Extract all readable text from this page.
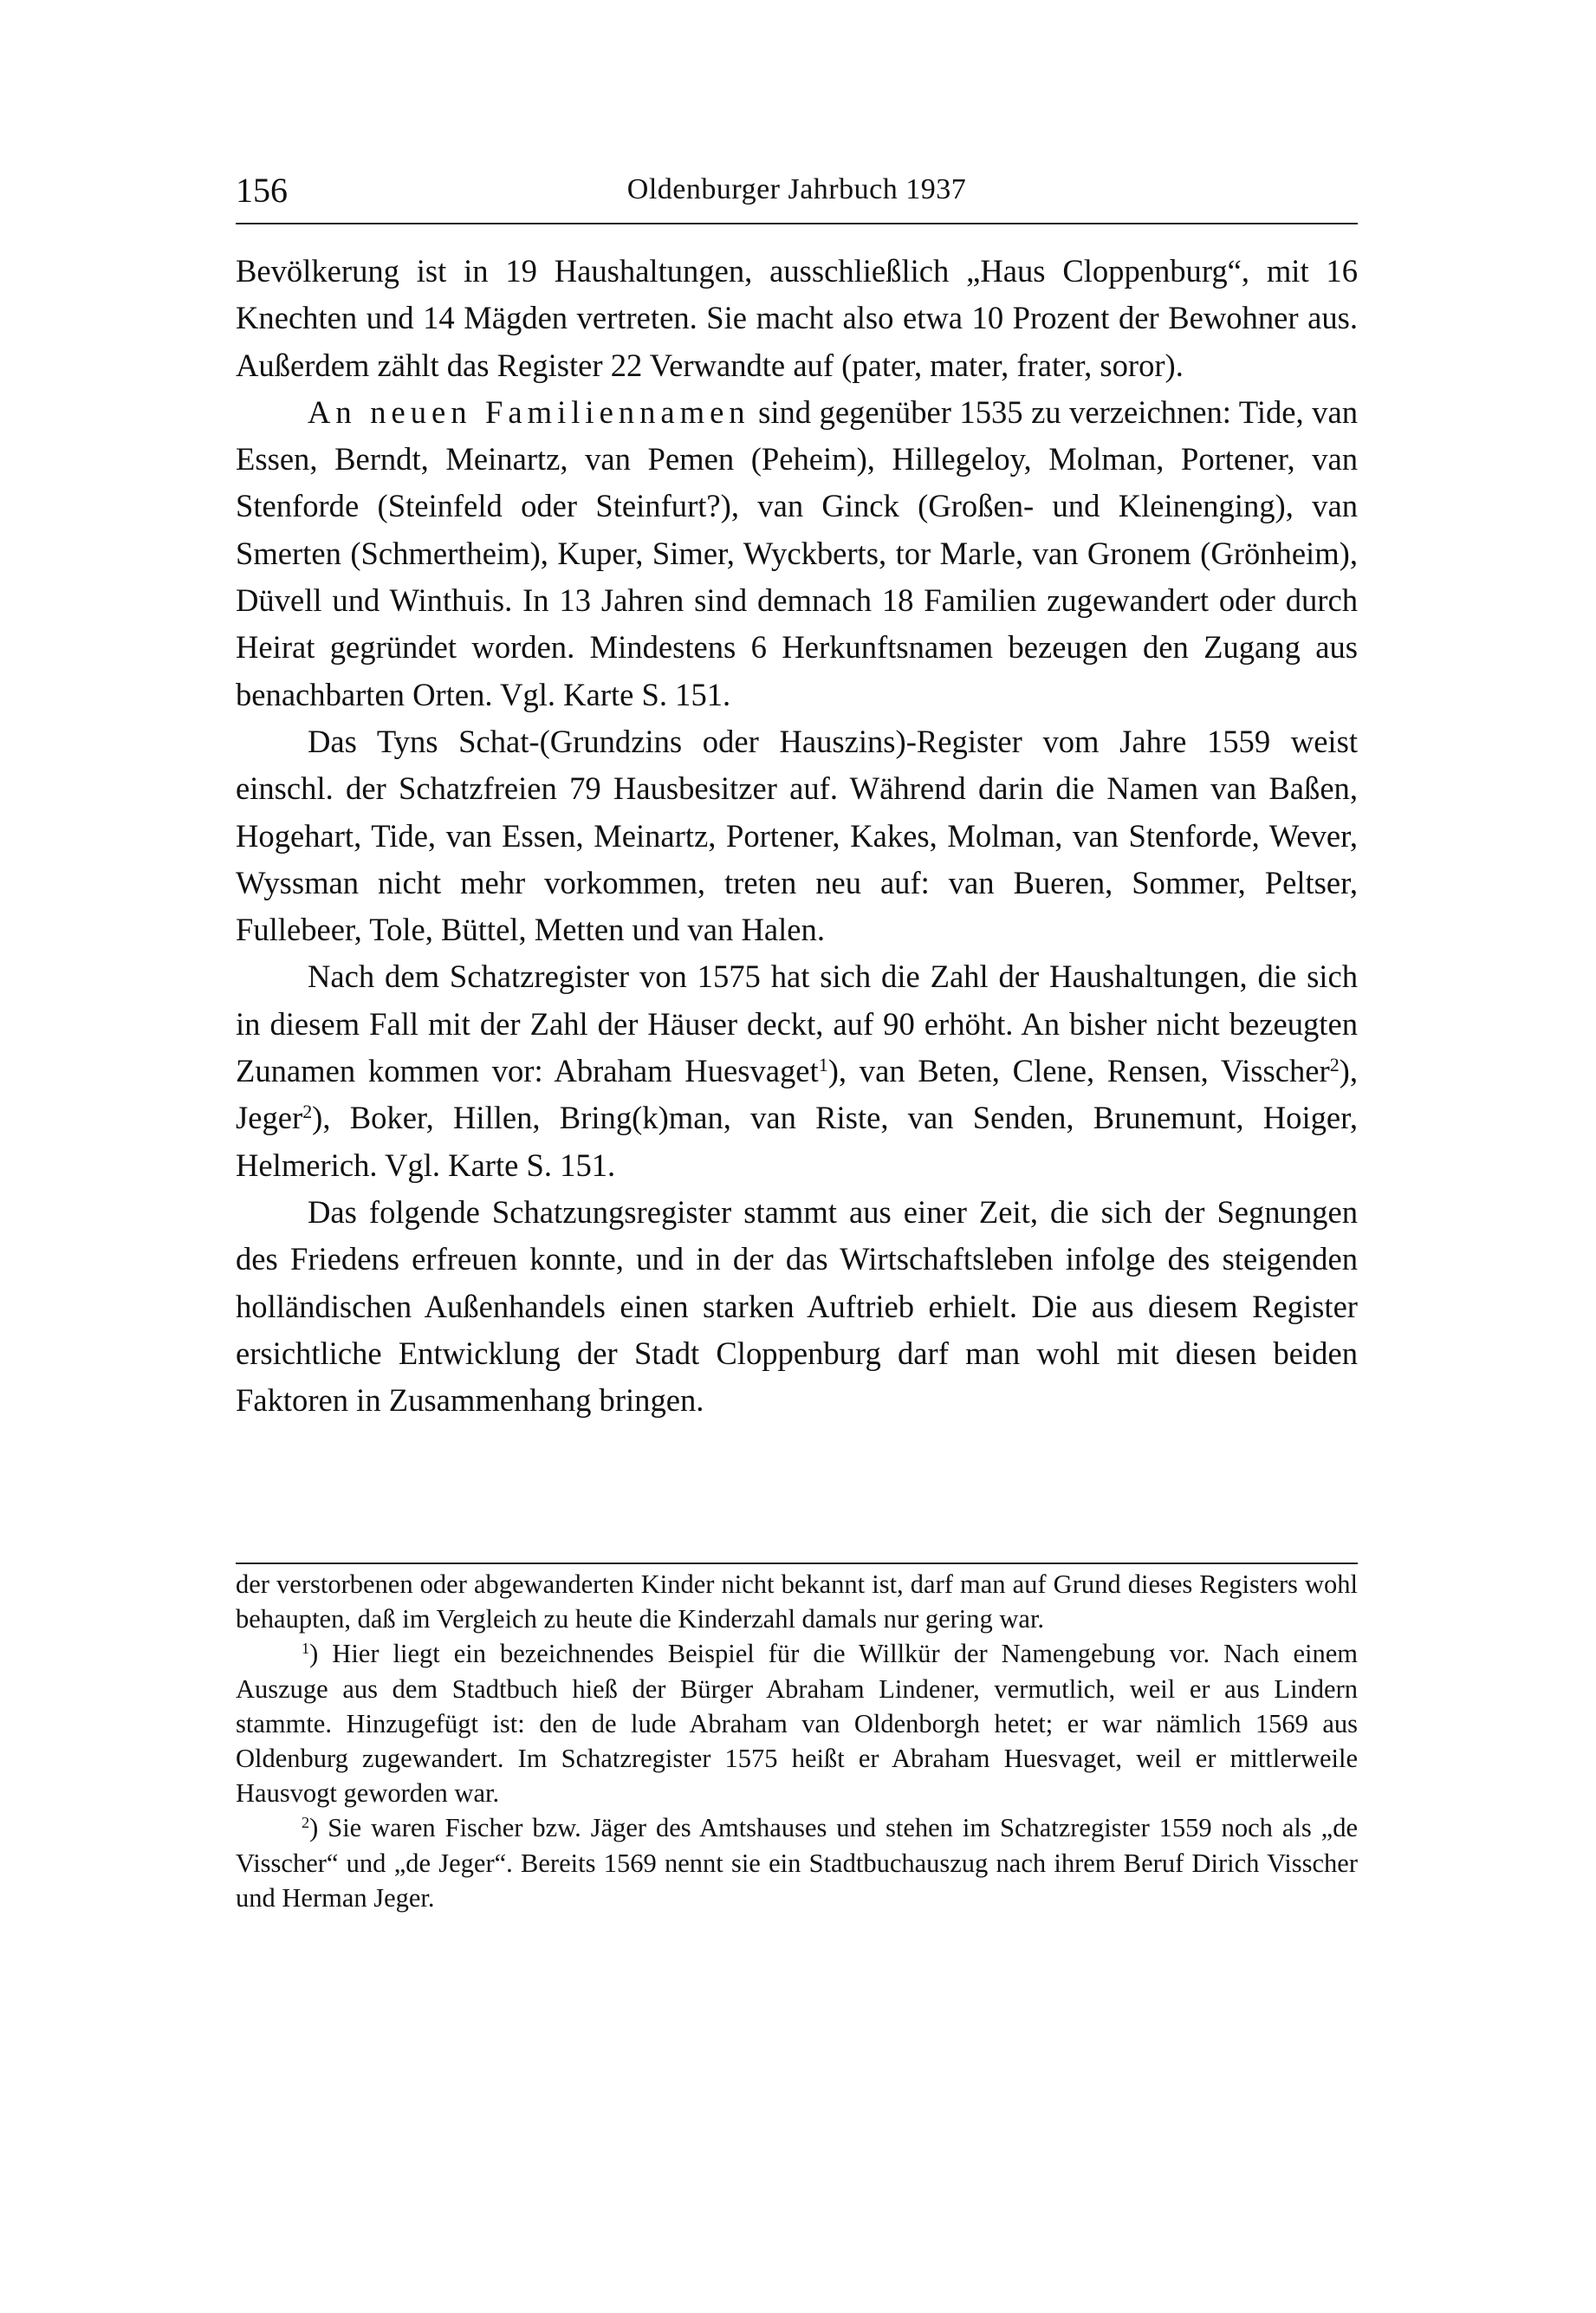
156	Oldenburger Jahrbuch 1937

Bevölkerung ist in 19 Haushaltungen, ausschließlich „Haus Cloppenburg“, mit 16 Knechten und 14 Mägden vertreten. Sie macht also etwa 10 Prozent der Bewohner aus. Außerdem zählt das Register 22 Verwandte auf (pater, mater, frater, soror).

An neuen Familiennamen sind gegenüber 1535 zu verzeichnen: Tide, van Essen, Berndt, Meinartz, van Pemen (Peheim), Hillegeloy, Molman, Portener, van Stenforde (Steinfeld oder Steinfurt?), van Ginck (Großen- und Kleinenging), van Smerten (Schmertheim), Kuper, Simer, Wyckberts, tor Marle, van Gronem (Grönheim), Düvell und Winthuis. In 13 Jahren sind demnach 18 Familien zugewandert oder durch Heirat gegründet worden. Mindestens 6 Herkunftsnamen bezeugen den Zugang aus benachbarten Orten. Vgl. Karte S. 151.

Das Tyns Schat-(Grundzins oder Hauszins)-Register vom Jahre 1559 weist einschl. der Schatzfreien 79 Hausbesitzer auf. Während darin die Namen van Baßen, Hogehart, Tide, van Essen, Meinartz, Portener, Kakes, Molman, van Stenforde, Wever, Wyssman nicht mehr vorkommen, treten neu auf: van Bueren, Sommer, Peltser, Fullebeer, Tole, Büttel, Metten und van Halen.

Nach dem Schatzregister von 1575 hat sich die Zahl der Haushaltungen, die sich in diesem Fall mit der Zahl der Häuser deckt, auf 90 erhöht. An bisher nicht bezeugten Zunamen kommen vor: Abraham Huesvaget$^1$), van Beten, Clene, Rensen, Visscher$^2$), Jeger$^2$), Boker, Hillen, Bring(k)man, van Riste, van Senden, Brunemunt, Hoiger, Helmerich. Vgl. Karte S. 151.

Das folgende Schatzungsregister stammt aus einer Zeit, die sich der Segnungen des Friedens erfreuen konnte, und in der das Wirtschaftsleben infolge des steigenden holländischen Außenhandels einen starken Auftrieb erhielt. Die aus diesem Register ersichtliche Entwicklung der Stadt Cloppenburg darf man wohl mit diesen beiden Faktoren in Zusammenhang bringen.

der verstorbenen oder abgewanderten Kinder nicht bekannt ist, darf man auf Grund dieses Registers wohl behaupten, daß im Vergleich zu heute die Kinderzahl damals nur gering war.

$^1$) Hier liegt ein bezeichnendes Beispiel für die Willkür der Namengebung vor. Nach einem Auszuge aus dem Stadtbuch hieß der Bürger Abraham Lindener, vermutlich, weil er aus Lindern stammte. Hinzugefügt ist: den de lude Abraham van Oldenborgh hetet; er war nämlich 1569 aus Oldenburg zugewandert. Im Schatzregister 1575 heißt er Abraham Huesvaget, weil er mittlerweile Hausvogt geworden war.

$^2$) Sie waren Fischer bzw. Jäger des Amtshauses und stehen im Schatzregister 1559 noch als „de Visscher“ und „de Jeger“. Bereits 1569 nennt sie ein Stadtbuchauszug nach ihrem Beruf Dirich Visscher und Herman Jeger.
